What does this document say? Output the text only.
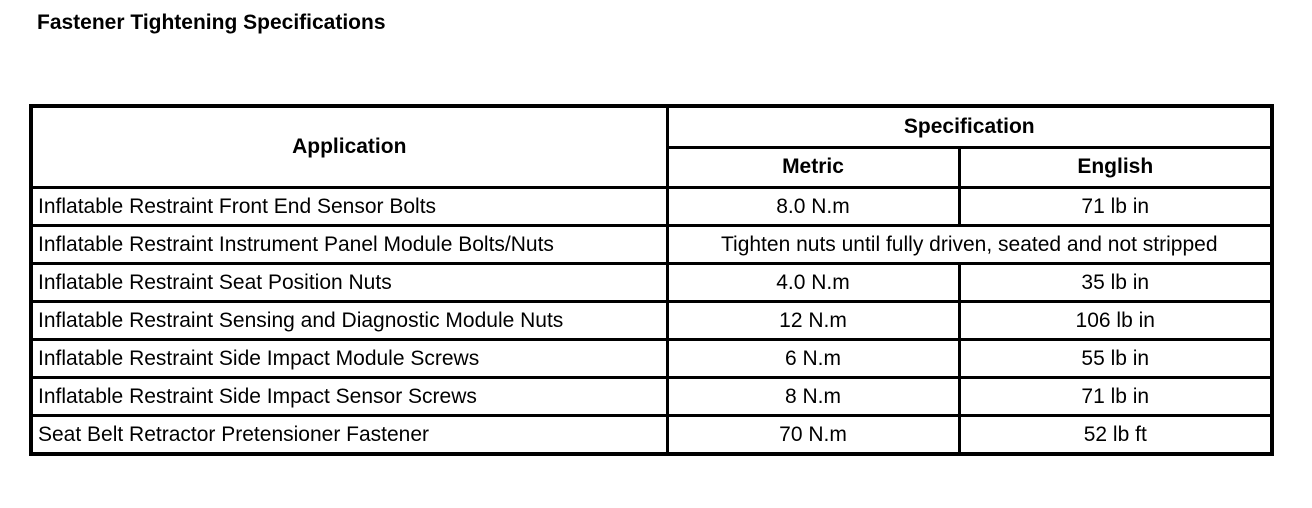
Fastener Tightening Specifications
Application	Specification	
	Metric	English
Inflatable Restraint Front End Sensor Bolts	8.0 N.m	71 lb in
Inflatable Restraint Instrument Panel Module Bolts/Nuts	Tighten nuts until fully driven, seated and not stripped	
Inflatable Restraint Seat Position Nuts	4.0 N.m	35 lb in
Inflatable Restraint Sensing and Diagnostic Module Nuts	12 N.m	106 lb in
Inflatable Restraint Side Impact Module Screws	6 N.m	55 lb in
Inflatable Restraint Side Impact Sensor Screws	8 N.m	71 lb in
Seat Belt Retractor Pretensioner Fastener	70 N.m	52 lb ft
